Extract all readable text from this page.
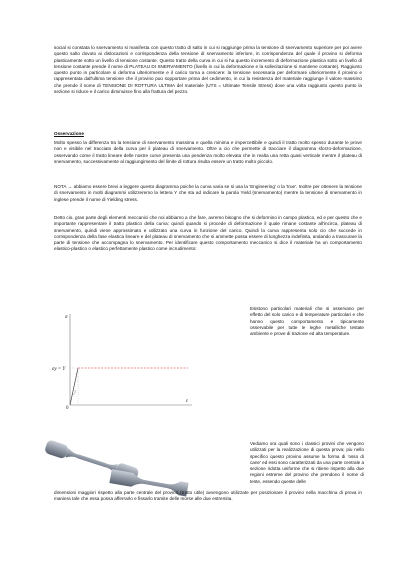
social si constata lo snervamento si manifesta con questo tratto di salto in cui si raggiunge prima la tensione di snervamento superiore per poi avere questo salto dovuto ai dislocazioni e corrispondenza della tensione di snervamento inferiore, in corrispondenza del quale il provino si deforma plasticamente sotto un livello di tensione costante. Questo tratto della curva in cui si ha questo incremento di deformazione plastica sotto un livello di tensione costante prende il nome di PLATEAU DI SNERVAMENTO (livello in cui la deformazione e la sollecitazione si mantiene costante). Raggiunto questo punto in particolare si deforma ulteriormente e il carico torna a crescere: la tensione necessaria per deformare ulteriormente il provino e rappresentata dall'ultima tensione che il provino puo sopportare prima del cedimento, in cui la resistenza del materiale raggiunge il valore massimo che prende il nome di TENSIONE DI ROTTURA ULTIMA del materiale (UTS = Ultimate Tensile Stress) dove una volta raggiunto questo punto la sezione si riduce e il carico diminuisce fino alla frattura del pezzo.

Osservazione

Molto spesso la differenza tra la tensione di snervamento massima e quella minima e impercettibile e quindi il tratto molto spesso durante le prove non e visibile nel tracciato della curva per il plateau di snervamento. Oltre a cio che permette di tracciare il diagramma sforzo-deformazione, osservando come il tratto lineare delle nostre curve presenta una pendenza molto elevata che in realta una retta quasi verticale mentre il plateau di snervamento, successivamente al raggiungimento del limite di rottura risulta essere un tratto molto piccolo.

NOTA → abbiamo essere brevi a leggere questo diagramma poiche la curva varia se si usa la 'Engineering' o la 'true'. Inoltre per ottenere la tensione di snervamento in molti diagrammi utilizzeremo la lettera Y che sta ad indicare la parola Yield (snervamento) mentre la tensione di snervamento in inglese prende il nome di Yielding stress.

Detto cio, gran parte degli elementi meccanici che noi abbiamo a che fare, avremo bisogno che si deformino in campo plastico, ed e per questo che e importante rappresentare il tratto plastico della curva: quindi quando si procede di deformazione il quale rimane costante all'incirca, plateau di snervamento, quindi viene approssimato e utilizzato una curva in funzione del carico. Quindi la curva rappresenta solo cio che succede in corrispondenza della fase elastica lineare e del plateau di snervamento che si ammette possa essere di lunghezza indefinita, andando a trascurare la parte di tensione che accompagna lo snervamento. Per identificare questo comportamento meccanico si dice il materiale ha un comportamento elastico-plastico o elastico perfettamente plastico come incrudimento:

σ
ε
σy = Y
0

Esistono particolari materiali che si osservano per effetto del solo carico e di temperature particolari e che hanno questo comportamento e tipicamente osservabile per tutte le leghe metalliche testate ambiente e prove di trazione ed alta temperature.

Vediamo ora quali sono i classici provini che vengono utilizzati per la realizzazione di questa prova; piu nello specifico questo provino assume la forma di 'osso di cane' ed essi sono caratterizzati da una parte centrale a sezione ridotta uniforme che si ritiene rispetto alla due regioni estreme del provino che prendono il nome di teste, essendo queste delle

dimensioni maggiori rispetto alla parte centrale del provino (tratto utile) avvengono utilizzate per posizionare il provino nella macchina di prova in maniera tale che essa possa afferrarlo e fissarlo tramite delle morse alle due estremita.
